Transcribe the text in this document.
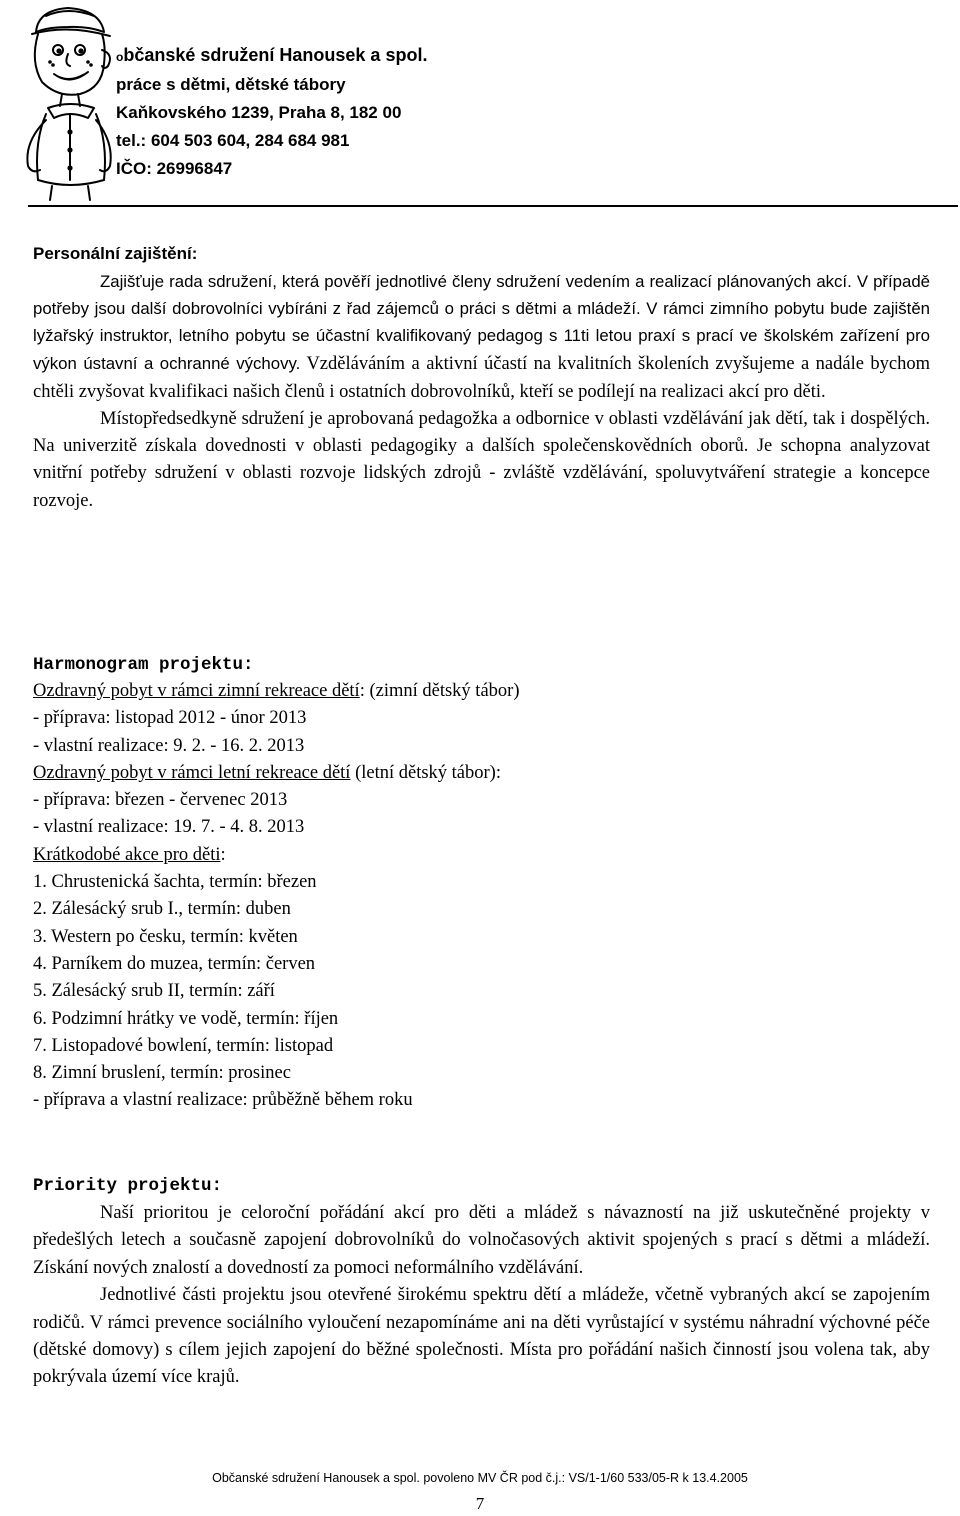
občanské sdružení Hanousek a spol.
práce s dětmi, dětské tábory
Kaňkovského 1239, Praha 8, 182 00
tel.: 604 503 604, 284 684 981
IČO: 26996847
Personální zajištění:

Zajišťuje rada sdružení, která pověří jednotlivé členy sdružení vedením a realizací plánovaných akcí. V případě potřeby jsou další dobrovolníci vybíráni z řad zájemců o práci s dětmi a mládeží. V rámci zimního pobytu bude zajištěn lyžařský instruktor, letního pobytu se účastní kvalifikovaný pedagog s 11ti letou praxí s prací ve školském zařízení pro výkon ústavní a ochranné výchovy. Vzděláváním a aktivní účastí na kvalitních školeních zvyšujeme a nadále bychom chtěli zvyšovat kvalifikaci našich členů i ostatních dobrovolníků, kteří se podílejí na realizaci akcí pro děti.

Místopředsedkyně sdružení je aprobovaná pedagožka a odbornice v oblasti vzdělávání jak dětí, tak i dospělých. Na univerzitě získala dovednosti v oblasti pedagogiky a dalších společenskovědních oborů. Je schopna analyzovat vnitřní potřeby sdružení v oblasti rozvoje lidských zdrojů - zvláště vzdělávání, spoluvytváření strategie a koncepce rozvoje.

Harmonogram projektu:
Ozdravný pobyt v rámci zimní rekreace dětí: (zimní dětský tábor)
- příprava: listopad 2012 - únor 2013
- vlastní realizace: 9. 2. - 16. 2. 2013
Ozdravný pobyt v rámci letní rekreace dětí (letní dětský tábor):
- příprava: březen - červenec 2013
- vlastní realizace: 19. 7. - 4. 8. 2013
Krátkodobé akce pro děti:
1. Chrustenická šachta, termín: březen
2. Zálesácký srub I., termín: duben
3. Western po česku, termín: květen
4. Parníkem do muzea, termín: červen
5. Zálesácký srub II, termín: září
6. Podzimní hrátky ve vodě, termín: říjen
7. Listopadové bowlení, termín: listopad
8. Zimní bruslení, termín: prosinec
- příprava a vlastní realizace: průběžně během roku
Priority projektu:

Naší prioritou je celoroční pořádání akcí pro děti a mládež s návazností na již uskutečněné projekty v předešlých letech a současně zapojení dobrovolníků do volnočasových aktivit spojených s prací s dětmi a mládeží. Získání nových znalostí a dovedností za pomoci neformálního vzdělávání.

Jednotlivé části projektu jsou otevřené širokému spektru dětí a mládeže, včetně vybraných akcí se zapojením rodičů. V rámci prevence sociálního vyloučení nezapomínáme ani na děti vyrůstající v systému náhradní výchovné péče (dětské domovy) s cílem jejich zapojení do běžné společnosti. Místa pro pořádání našich činností jsou volena tak, aby pokrývala území více krajů.

Občanské sdružení Hanousek a spol. povoleno MV ČR pod č.j.: VS/1-1/60 533/05-R k 13.4.2005
7
